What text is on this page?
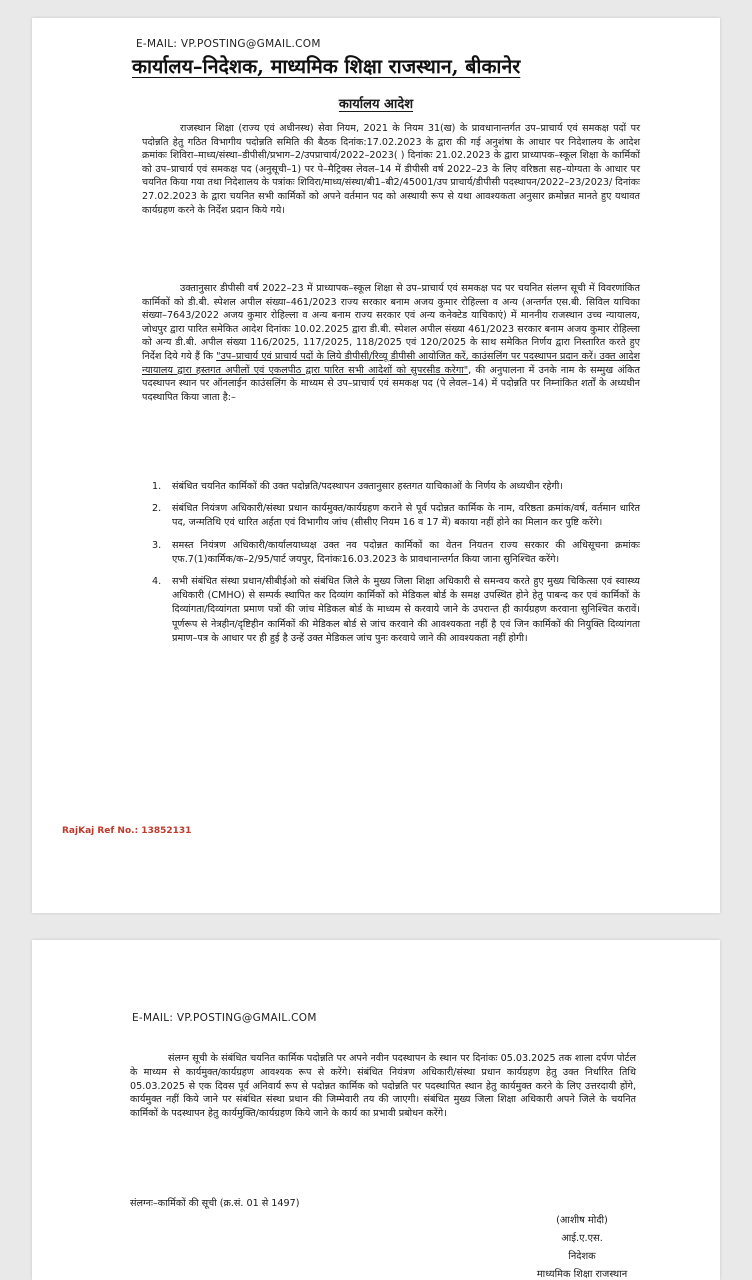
E-MAIL: VP.POSTING@GMAIL.COM
कार्यालय–निदेशक, माध्यमिक शिक्षा राजस्थान, बीकानेर
कार्यालय आदेश
राजस्थान शिक्षा (राज्य एवं अधीनस्थ) सेवा नियम, 2021 के नियम 31(ख) के प्रावधानान्तर्गत उप–प्राचार्य एवं समकक्ष पदों पर पदोन्नति हेतु गठित विभागीय पदोन्नति समिति की बैठक दिनांक:17.02.2023 के द्वारा की गई अनुशंषा के आधार पर निदेशालय के आदेश क्रमांकः शिविरा–माध्य/संस्था–डीपीसी/प्रभाग–2/उपप्राचार्य/2022–2023( ) दिनांकः 21.02.2023 के द्वारा प्राध्यापक–स्कूल शिक्षा के कार्मिकों को उप–प्राचार्य एवं समकक्ष पद (अनुसूची–1) पर पे–मैट्रिक्स लेवल–14 में डीपीसी वर्ष 2022–23 के लिए वरिष्ठता सह–योग्यता के आधार पर चयनित किया गया तथा निदेशालय के पत्रांकः शिविरा/माध्य/संस्था/बी1–बी2/45001/उप प्राचार्य/डीपीसी पदस्थापन/2022–23/2023/ दिनांकः 27.02.2023 के द्वारा चयनित सभी कार्मिकों को अपने वर्तमान पद को अस्थायी रूप से यथा आवश्यकता अनुसार क्रमोन्नत मानते हुए यथावत कार्यग्रहण करने के निर्देश प्रदान किये गये।
उक्तानुसार डीपीसी वर्ष 2022–23 में प्राध्यापक–स्कूल शिक्षा से उप–प्राचार्य एवं समकक्ष पद पर चयनित संलग्न सूची में विवरणांकित कार्मिकों को डी.बी. स्पेशल अपील संख्या–461/2023 राज्य सरकार बनाम अजय कुमार रोहिल्ला व अन्य (अन्तर्गत एस.बी. सिविल याचिका संख्या–7643/2022 अजय कुमार रोहिल्ला व अन्य बनाम राज्य सरकार एवं अन्य कनेक्टेड याचिकाएं) में माननीय राजस्थान उच्च न्यायालय, जोधपुर द्वारा पारित समेकित आदेश दिनांकः 10.02.2025 द्वारा डी.बी. स्पेशल अपील संख्या 461/2023 सरकार बनाम अजय कुमार रोहिल्ला को अन्य डी.बी. अपील संख्या 116/2025, 117/2025, 118/2025 एवं 120/2025 के साथ समेकित निर्णय द्वारा निस्तारित करते हुए निर्देश दिये गये हैं कि "उप–प्राचार्य एवं प्राचार्य पदों के लिये डीपीसी/रिव्यू डीपीसी आयोजित करें, काउंसलिंग पर पदस्थापन प्रदान करें। उक्त आदेश न्यायालय द्वारा हस्तगत अपीलों एवं एकलपीठ द्वारा पारित सभी आदेशों को सुपरसीड करेगा", की अनुपालना में उनके नाम के सम्मुख अंकित पदस्थापन स्थान पर ऑनलाईन काउंसलिंग के माध्यम से उप–प्राचार्य एवं समकक्ष पद (पे लेवल–14) में पदोन्नति पर निम्नांकित शर्तों के अध्यधीन पदस्थापित किया जाता है:–
1.	संबंधित चयनित कार्मिकों की उक्त पदोन्नति/पदस्थापन उक्तानुसार हस्तगत याचिकाओं के निर्णय के अध्यधीन रहेगी।
2.	संबंधित नियंत्रण अधिकारी/संस्था प्रधान कार्यमुक्त/कार्यग्रहण कराने से पूर्व पदोन्नत कार्मिक के नाम, वरिष्ठता क्रमांक/वर्ष, वर्तमान धारित पद, जन्मतिथि एवं धारित अर्हता एवं विभागीय जांच (सीसीए नियम 16 व 17 में) बकाया नहीं होने का मिलान कर पुष्टि करेंगे।
3.	समस्त नियंत्रण अधिकारी/कार्यालयाध्यक्ष उक्त नव पदोन्नत कार्मिकों का वेतन नियतन राज्य सरकार की अधिसूचना क्रमांकः एफ.7(1)कार्मिक/क–2/95/पार्ट जयपुर, दिनांकः16.03.2023 के प्रावधानान्तर्गत किया जाना सुनिश्चित करेंगे।
4.	सभी संबंधित संस्था प्रधान/सीबीईओ को संबंधित जिले के मुख्य जिला शिक्षा अधिकारी से समन्वय करते हुए मुख्य चिकित्सा एवं स्वास्थ्य अधिकारी (CMHO) से सम्पर्क स्थापित कर दिव्यांग कार्मिकों को मेडिकल बोर्ड के समक्ष उपस्थित होने हेतु पाबन्द कर एवं कार्मिकों के दिव्यांगता/दिव्यांगता प्रमाण पत्रों की जांच मेडिकल बोर्ड के माध्यम से करवाये जाने के उपरान्त ही कार्यग्रहण करवाना सुनिश्चित करावें। पूर्णरूप से नेत्रहीन/दृष्टिहीन कार्मिकों की मेडिकल बोर्ड से जांच करवाने की आवश्यकता नहीं है एवं जिन कार्मिकों की नियुक्ति दिव्यांगता प्रमाण–पत्र के आधार पर ही हुई है उन्हें उक्त मेडिकल जांच पुनः करवाये जाने की आवश्यकता नहीं होगी।
RajKaj Ref No.: 13852131
E-MAIL: VP.POSTING@GMAIL.COM
संलग्न सूची के संबंधित चयनित कार्मिक पदोन्नति पर अपने नवीन पदस्थापन के स्थान पर दिनांकः 05.03.2025 तक शाला दर्पण पोर्टल के माध्यम से कार्यमुक्त/कार्यग्रहण आवश्यक रूप से करेंगे। संबंधित नियंत्रण अधिकारी/संस्था प्रधान कार्यग्रहण हेतु उक्त निर्धारित तिथि 05.03.2025 से एक दिवस पूर्व अनिवार्य रूप से पदोन्नत कार्मिक को पदोन्नति पर पदस्थापित स्थान हेतु कार्यमुक्त करने के लिए उत्तरदायी होंगे, कार्यमुक्त नहीं किये जाने पर संबंधित संस्था प्रधान की जिम्मेवारी तय की जाएगी। संबंधित मुख्य जिला शिक्षा अधिकारी अपने जिले के चयनित कार्मिकों के पदस्थापन हेतु कार्यमुक्ति/कार्यग्रहण किये जाने के कार्य का प्रभावी प्रबोधन करेंगे।
संलग्नः–कार्मिकों की सूची (क्र.सं. 01 से 1497)
(आशीष मोदी)
आई.ए.एस.
निदेशक
माध्यमिक शिक्षा राजस्थान
